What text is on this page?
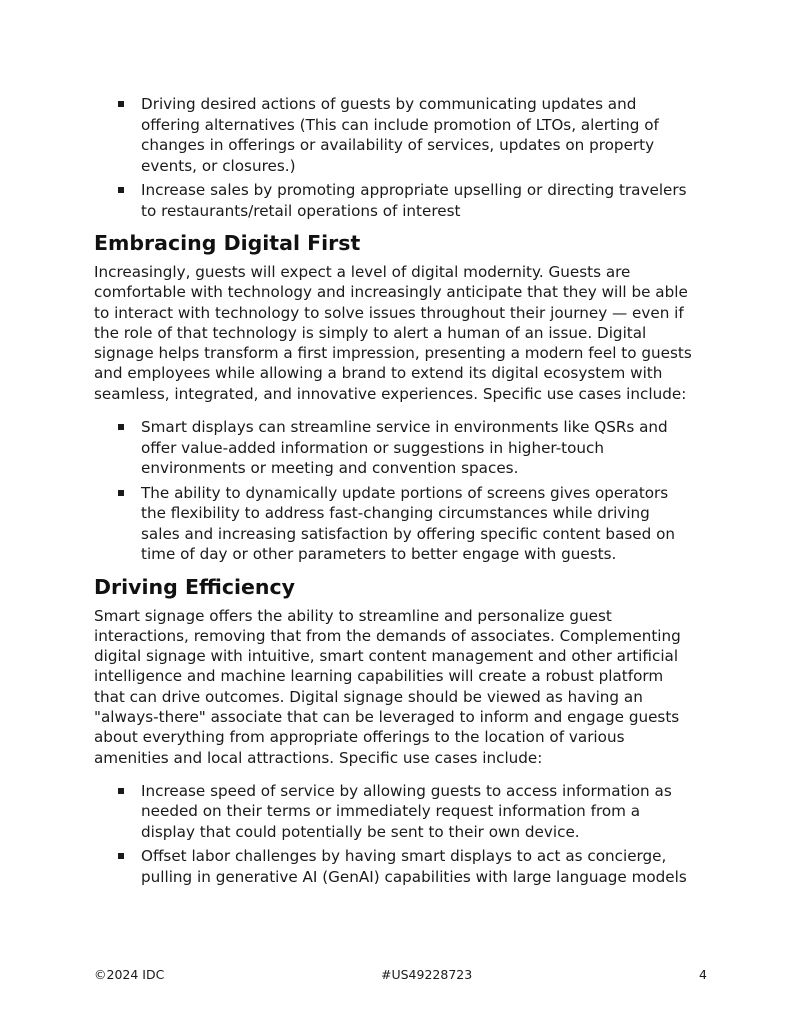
Driving desired actions of guests by communicating updates and offering alternatives (This can include promotion of LTOs, alerting of changes in offerings or availability of services, updates on property events, or closures.)
Increase sales by promoting appropriate upselling or directing travelers to restaurants/retail operations of interest
Embracing Digital First

Increasingly, guests will expect a level of digital modernity. Guests are comfortable with technology and increasingly anticipate that they will be able to interact with technology to solve issues throughout their journey — even if the role of that technology is simply to alert a human of an issue. Digital signage helps transform a first impression, presenting a modern feel to guests and employees while allowing a brand to extend its digital ecosystem with seamless, integrated, and innovative experiences. Specific use cases include:

Smart displays can streamline service in environments like QSRs and offer value-added information or suggestions in higher-touch environments or meeting and convention spaces.
The ability to dynamically update portions of screens gives operators the flexibility to address fast-changing circumstances while driving sales and increasing satisfaction by offering specific content based on time of day or other parameters to better engage with guests.
Driving Efficiency

Smart signage offers the ability to streamline and personalize guest interactions, removing that from the demands of associates. Complementing digital signage with intuitive, smart content management and other artificial intelligence and machine learning capabilities will create a robust platform that can drive outcomes. Digital signage should be viewed as having an "always-there" associate that can be leveraged to inform and engage guests about everything from appropriate offerings to the location of various amenities and local attractions. Specific use cases include:

Increase speed of service by allowing guests to access information as needed on their terms or immediately request information from a display that could potentially be sent to their own device.
Offset labor challenges by having smart displays to act as concierge, pulling in generative AI (GenAI) capabilities with large language models
©2024 IDC	#US49228723	4
